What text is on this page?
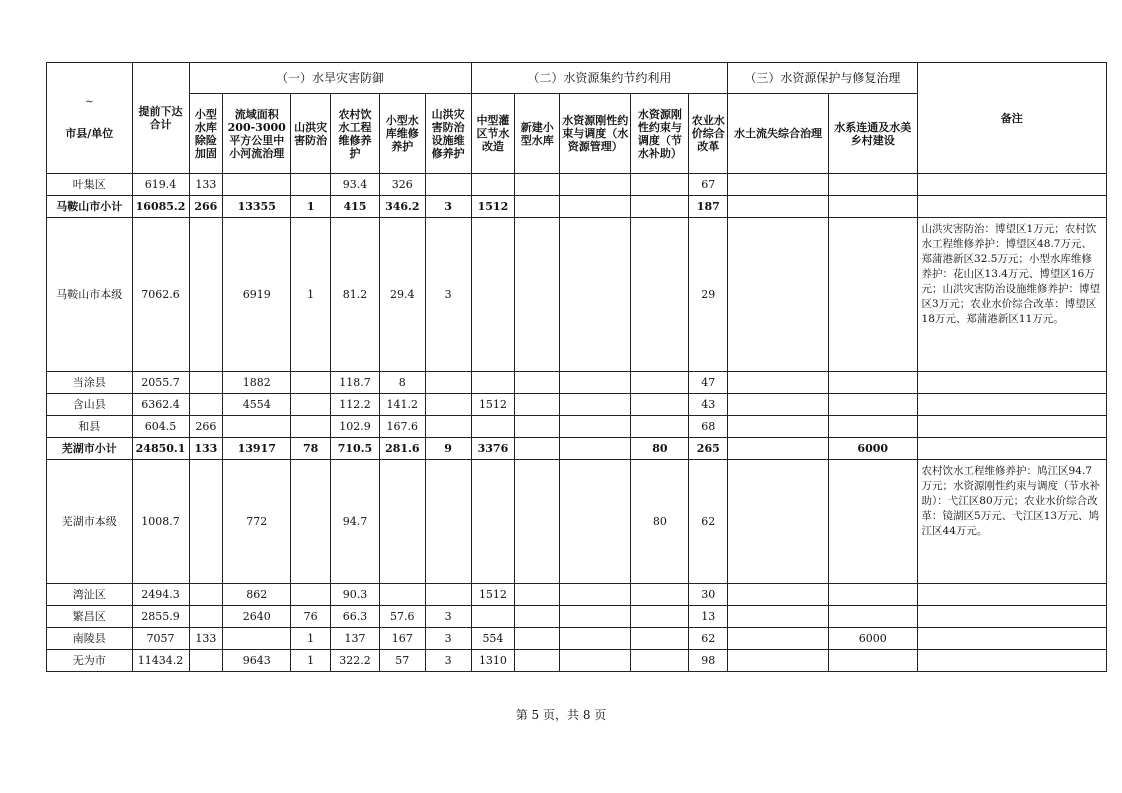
~
市县/单位	提前下达合计	（一）水旱灾害防御						（二）水资源集约节约利用					（三）水资源保护与修复治理		备注
		小型水库除险加固	流域面积200-3000平方公里中小河流治理	山洪灾害防治	农村饮水工程维修养护	小型水库维修养护	山洪灾害防治设施维修养护	中型灌区节水改造	新建小型水库	水资源刚性约束与调度（水资源管理）	水资源刚性约束与调度（节水补助）	农业水价综合改革	水土流失综合治理	水系连通及水美乡村建设	
叶集区	619.4	133			93.4	326						67			
马鞍山市小计	16085.2	266	13355	1	415	346.2	3	1512				187			
马鞍山市本级	7062.6		6919	1	81.2	29.4	3					29			山洪灾害防治：博望区1万元；农村饮水工程维修养护：博望区48.7万元、郑蒲港新区32.5万元；小型水库维修养护：花山区13.4万元、博望区16万元；山洪灾害防治设施维修养护：博望区3万元；农业水价综合改革：博望区18万元、郑蒲港新区11万元。
当涂县	2055.7		1882		118.7	8						47			
含山县	6362.4		4554		112.2	141.2		1512				43			
和县	604.5	266			102.9	167.6						68			
芜湖市小计	24850.1	133	13917	78	710.5	281.6	9	3376			80	265		6000	
芜湖市本级	1008.7		772		94.7						80	62			农村饮水工程维修养护：鸠江区94.7万元；水资源刚性约束与调度（节水补助）：弋江区80万元；农业水价综合改革：镜湖区5万元、弋江区13万元、鸠江区44万元。
湾沚区	2494.3		862		90.3			1512				30			
繁昌区	2855.9		2640	76	66.3	57.6	3					13			
南陵县	7057	133		1	137	167	3	554				62		6000	
无为市	11434.2		9643	1	322.2	57	3	1310				98			
第 5 页，共 8 页
